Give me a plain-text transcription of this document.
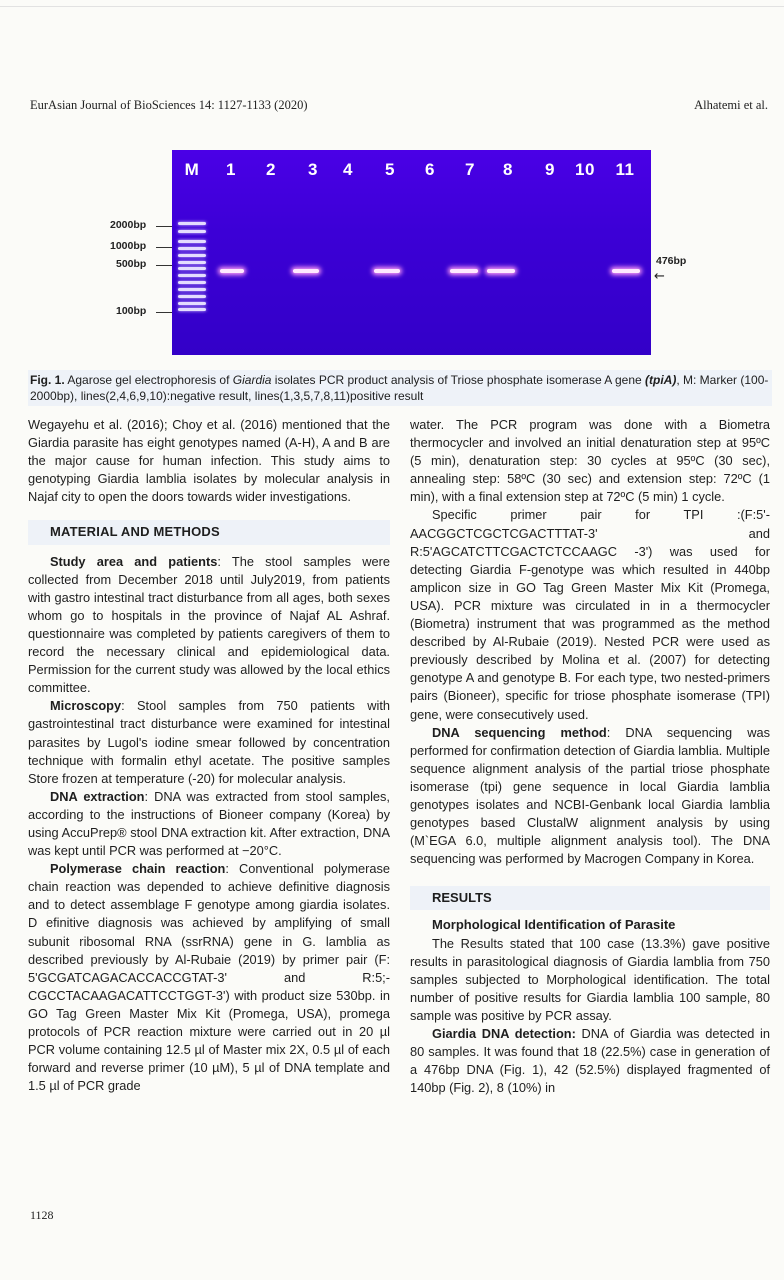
EurAsian Journal of BioSciences 14: 1127-1133 (2020)	Alhatemi et al.
M 1 2 3 4 5 6 7 8 9 10 11
2000bp
1000bp
500bp
100bp
476bp
←
Fig. 1. Agarose gel electrophoresis of Giardia isolates PCR product analysis of Triose phosphate isomerase A gene (tpiA), M: Marker (100-2000bp), lines(2,4,6,9,10):negative result, lines(1,3,5,7,8,11)positive result

Wegayehu et al. (2016); Choy et al. (2016) mentioned that the Giardia parasite has eight genotypes named (A-H), A and B are the major cause for human infection. This study aims to genotyping Giardia lamblia isolates by molecular analysis in Najaf city to open the doors towards wider investigations.

MATERIAL AND METHODS

Study area and patients: The stool samples were collected from December 2018 until July2019, from patients with gastro intestinal tract disturbance from all ages, both sexes whom go to hospitals in the province of Najaf AL Ashraf. questionnaire was completed by patients caregivers of them to record the necessary clinical and epidemiological data. Permission for the current study was allowed by the local ethics committee.

Microscopy: Stool samples from 750 patients with gastrointestinal tract disturbance were examined for intestinal parasites by Lugol's iodine smear followed by concentration technique with formalin ethyl acetate. The positive samples Store frozen at temperature (-20) for molecular analysis.

DNA extraction: DNA was extracted from stool samples, according to the instructions of Bioneer company (Korea) by using AccuPrep® stool DNA extraction kit. After extraction, DNA was kept until PCR was performed at −20°C.

Polymerase chain reaction: Conventional polymerase chain reaction was depended to achieve definitive diagnosis and to detect assemblage F genotype among giardia isolates. D efinitive diagnosis was achieved by amplifying of small subunit ribosomal RNA (ssrRNA) gene in G. lamblia as described previously by Al-Rubaie (2019) by primer pair (F: 5'GCGATCAGACACCACCGTAT-3' and R:5;-CGCCTACAAGACATTCCTGGT-3') with product size 530bp. in GO Tag Green Master Mix Kit (Promega, USA), promega protocols of PCR reaction mixture were carried out in 20 µl PCR volume containing 12.5 µl of Master mix 2X, 0.5 µl of each forward and reverse primer (10 µM), 5 µl of DNA template and 1.5 µl of PCR grade

water. The PCR program was done with a Biometra thermocycler and involved an initial denaturation step at 95ºC (5 min), denaturation step: 30 cycles at 95ºC (30 sec), annealing step: 58ºC (30 sec) and extension step: 72ºC (1 min), with a final extension step at 72ºC (5 min) 1 cycle.

Specific primer pair for TPI :(F:5'-AACGGCTCGCTCGACTTTAT-3' and R:5'AGCATCTTCGACTCTCCAAGC -3') was used for detecting Giardia F-genotype was which resulted in 440bp amplicon size in GO Tag Green Master Mix Kit (Promega, USA). PCR mixture was circulated in in a thermocycler (Biometra) instrument that was programmed as the method described by Al-Rubaie (2019). Nested PCR were used as previously described by Molina et al. (2007) for detecting genotype A and genotype B. For each type, two nested-primers pairs (Bioneer), specific for triose phosphate isomerase (TPI) gene, were consecutively used.

DNA sequencing method: DNA sequencing was performed for confirmation detection of Giardia lamblia. Multiple sequence alignment analysis of the partial triose phosphate isomerase (tpi) gene sequence in local Giardia lamblia genotypes isolates and NCBI-Genbank local Giardia lamblia genotypes based ClustalW alignment analysis by using (M`EGA 6.0, multiple alignment analysis tool). The DNA sequencing was performed by Macrogen Company in Korea.

RESULTS
Morphological Identification of Parasite

The Results stated that 100 case (13.3%) gave positive results in parasitological diagnosis of Giardia lamblia from 750 samples subjected to Morphological identification. The total number of positive results for Giardia lamblia 100 sample, 80 sample was positive by PCR assay.

Giardia DNA detection: DNA of Giardia was detected in 80 samples. It was found that 18 (22.5%) case in generation of a 476bp DNA (Fig. 1), 42 (52.5%) displayed fragmented of 140bp (Fig. 2), 8 (10%) in

1128
